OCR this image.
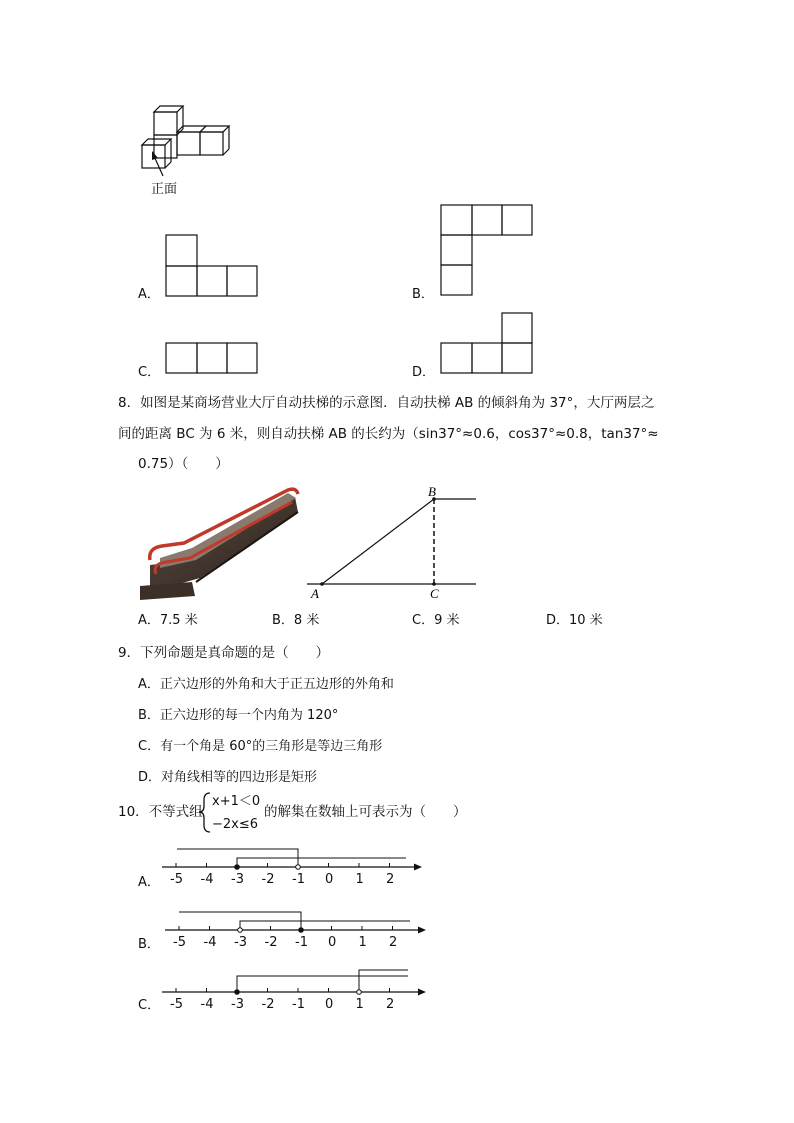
正面
A．	B．
C．	D．
8．如图是某商场营业大厅自动扶梯的示意图．自动扶梯 AB 的倾斜角为 37°，大厅两层之
间的距离 BC 为 6 米，则自动扶梯 AB 的长约为（sin37°≈0.6，cos37°≈0.8，tan37°≈
0.75）（　　）
A
B
C
A．7.5 米	B．8 米	C．9 米	D．10 米
9．下列命题是真命题的是（　　）
A．正六边形的外角和大于正五边形的外角和
B．正六边形的每一个内角为 120°
C．有一个角是 60°的三角形是等边三角形
D．对角线相等的四边形是矩形
10．不等式组
x+1＜0
−2x≤6
的解集在数轴上可表示为（　　）
-5 -4 -3 -2 -1 0 1 2
-5 -4 -3 -2 -1 0 1 2
-5 -4 -3 -2 -1 0 1 2
A．
B．
C．
